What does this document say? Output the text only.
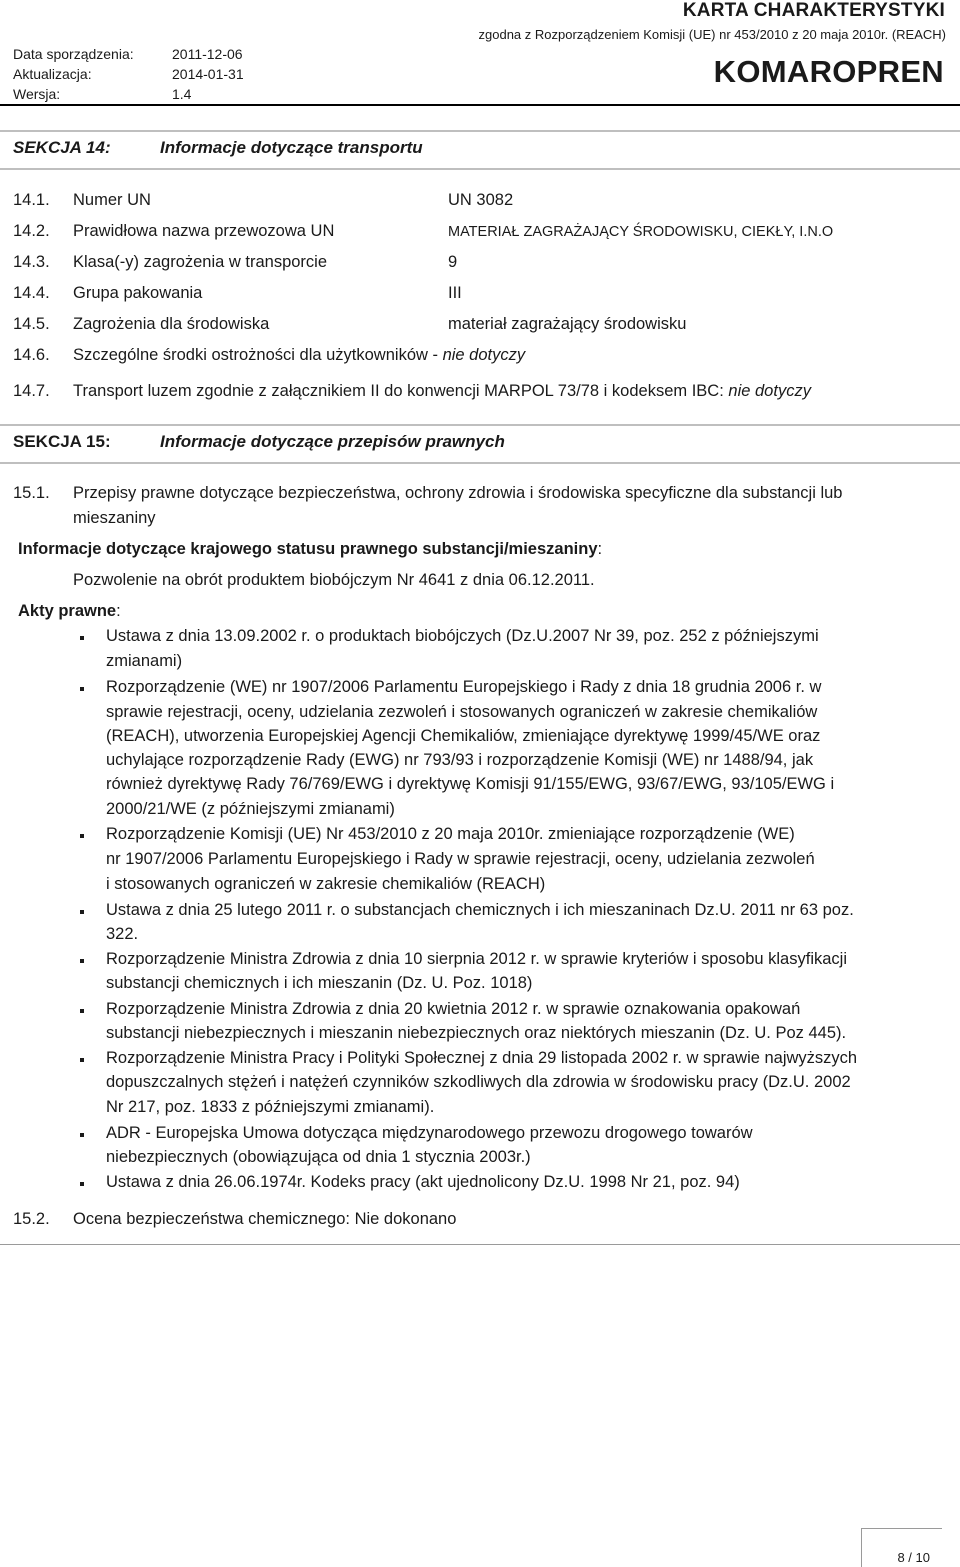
Data sporządzenia:	2011-12-06
Aktualizacja:	2014-01-31
Wersja:	1.4
KARTA CHARAKTERYSTYKI
zgodna z Rozporządzeniem Komisji (UE) nr 453/2010 z 20 maja 2010r. (REACH)
KOMAROPREN
SEKCJA 14:	Informacje dotyczące transportu
14.1. Numer UN	UN 3082
14.2. Prawidłowa nazwa przewozowa UN	MATERIAŁ ZAGRAŻAJĄCY ŚRODOWISKU, CIEKŁY, I.N.O
14.3. Klasa(-y) zagrożenia w transporcie	9
14.4. Grupa pakowania	III
14.5. Zagrożenia dla środowiska	materiał zagrażający środowisku
14.6. Szczególne środki ostrożności dla użytkowników - nie dotyczy
14.7. Transport luzem zgodnie z załącznikiem II do konwencji MARPOL 73/78 i kodeksem IBC: nie dotyczy
SEKCJA 15:	Informacje dotyczące przepisów prawnych
15.1. Przepisy prawne dotyczące bezpieczeństwa, ochrony zdrowia i środowiska specyficzne dla substancji lub
mieszaniny
Informacje dotyczące krajowego statusu prawnego substancji/mieszaniny:
Pozwolenie na obrót produktem biobójczym Nr 4641 z dnia 06.12.2011.
Akty prawne:
Ustawa z dnia 13.09.2002 r. o produktach biobójczych (Dz.U.2007 Nr 39, poz. 252 z późniejszymi
zmianami)
Rozporządzenie (WE) nr 1907/2006 Parlamentu Europejskiego i Rady z dnia 18 grudnia 2006 r. w
sprawie rejestracji, oceny, udzielania zezwoleń i stosowanych ograniczeń w zakresie chemikaliów
(REACH), utworzenia Europejskiej Agencji Chemikaliów, zmieniające dyrektywę 1999/45/WE oraz
uchylające rozporządzenie Rady (EWG) nr 793/93 i rozporządzenie Komisji (WE) nr 1488/94, jak
również dyrektywę Rady 76/769/EWG i dyrektywę Komisji 91/155/EWG, 93/67/EWG, 93/105/EWG i
2000/21/WE (z późniejszymi zmianami)
Rozporządzenie Komisji (UE) Nr 453/2010 z 20 maja 2010r. zmieniające rozporządzenie (WE)
nr 1907/2006 Parlamentu Europejskiego i Rady w sprawie rejestracji, oceny, udzielania zezwoleń
i stosowanych ograniczeń w zakresie chemikaliów (REACH)
Ustawa z dnia 25 lutego 2011 r. o substancjach chemicznych i ich mieszaninach Dz.U. 2011 nr 63 poz.
322.
Rozporządzenie Ministra Zdrowia z dnia 10 sierpnia 2012 r. w sprawie kryteriów i sposobu klasyfikacji
substancji chemicznych i ich mieszanin (Dz. U. Poz. 1018)
Rozporządzenie Ministra Zdrowia z dnia 20 kwietnia 2012 r. w sprawie oznakowania opakowań
substancji niebezpiecznych i mieszanin niebezpiecznych oraz niektórych mieszanin (Dz. U. Poz 445).
Rozporządzenie Ministra Pracy i Polityki Społecznej z dnia 29 listopada 2002 r. w sprawie najwyższych
dopuszczalnych stężeń i natężeń czynników szkodliwych dla zdrowia w środowisku pracy (Dz.U. 2002
Nr 217, poz. 1833 z późniejszymi zmianami).
ADR - Europejska Umowa dotycząca międzynarodowego przewozu drogowego towarów
niebezpiecznych (obowiązująca od dnia 1 stycznia 2003r.)
Ustawa z dnia 26.06.1974r. Kodeks pracy (akt ujednolicony Dz.U. 1998 Nr 21, poz. 94)
15.2. Ocena bezpieczeństwa chemicznego: Nie dokonano
8 / 10
